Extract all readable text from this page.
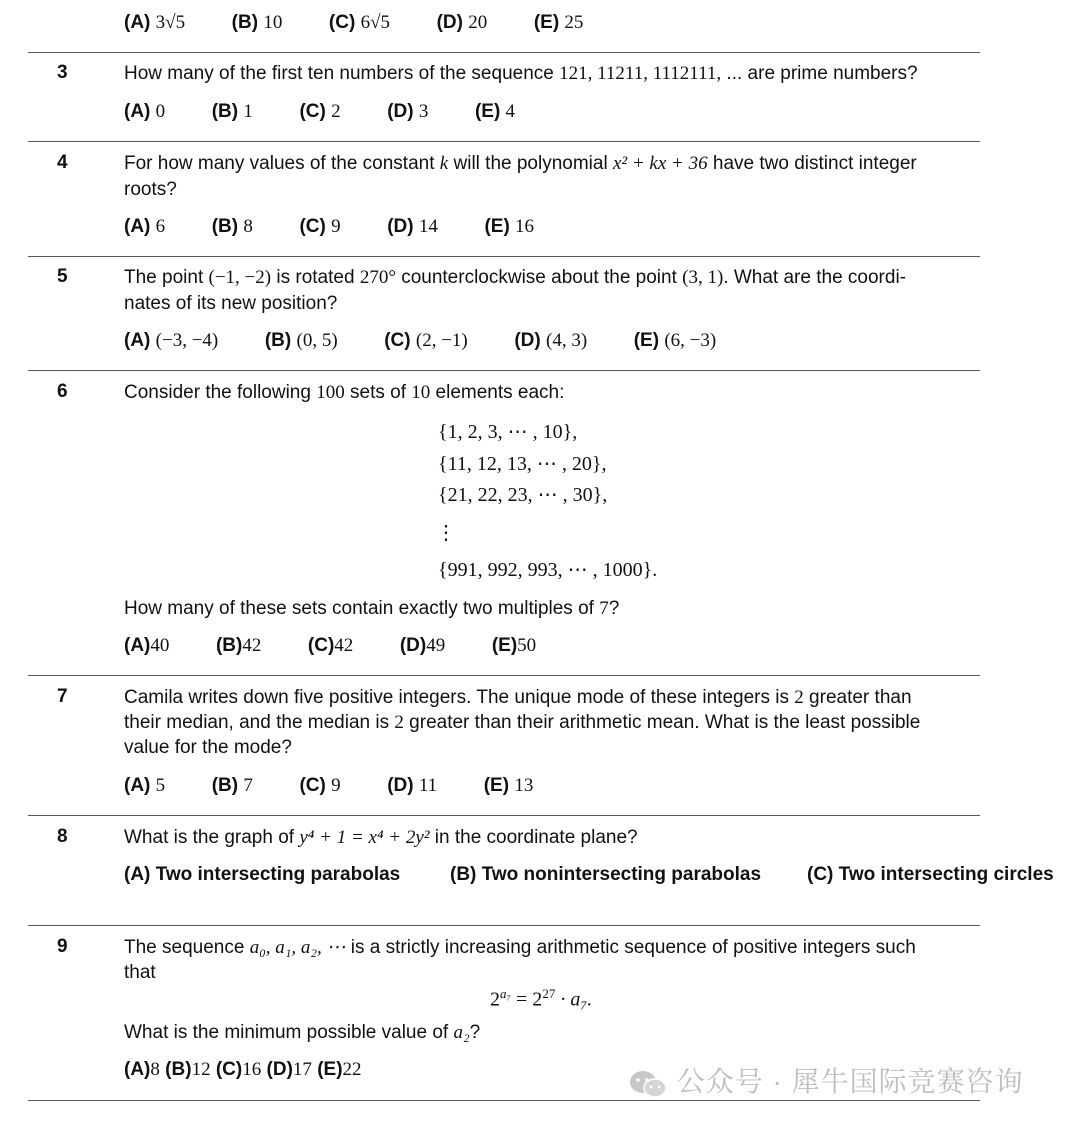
(A) 3√5 (B) 10 (C) 6√5 (D) 20 (E) 25
3	How many of the first ten numbers of the sequence 121, 11211, 1112111, ... are prime numbers?
(A) 0 (B) 1 (C) 2 (D) 3 (E) 4
4	For how many values of the constant k will the polynomial x² + kx + 36 have two distinct integer
roots?
(A) 6 (B) 8 (C) 9 (D) 14 (E) 16
5	The point (−1, −2) is rotated 270° counterclockwise about the point (3, 1). What are the coordi-
nates of its new position?
(A) (−3, −4) (B) (0, 5) (C) (2, −1) (D) (4, 3) (E) (6, −3)
6	Consider the following 100 sets of 10 elements each:
{1, 2, 3, ⋯ , 10},
{11, 12, 13, ⋯ , 20},
{21, 22, 23, ⋯ , 30},
⋮
{991, 992, 993, ⋯ , 1000}.
How many of these sets contain exactly two multiples of 7?
(A)40 (B)42 (C)42 (D)49 (E)50
7	Camila writes down five positive integers. The unique mode of these integers is 2 greater than
their median, and the median is 2 greater than their arithmetic mean. What is the least possible
value for the mode?
(A) 5 (B) 7 (C) 9 (D) 11 (E) 13
8	What is the graph of y⁴ + 1 = x⁴ + 2y² in the coordinate plane?
(A) Two intersecting parabolas	(B) Two nonintersecting parabolas (C) Two intersecting circles
9	The sequence a₀, a₁, a₂, ⋯ is a strictly increasing arithmetic sequence of positive integers such
that
$2^{a_7} = 2^{27} \cdot a_7$.
What is the minimum possible value of a₂?
(A)8 (B)12 (C)16 (D)17 (E)22	公众号 · 犀牛国际竞赛咨询
